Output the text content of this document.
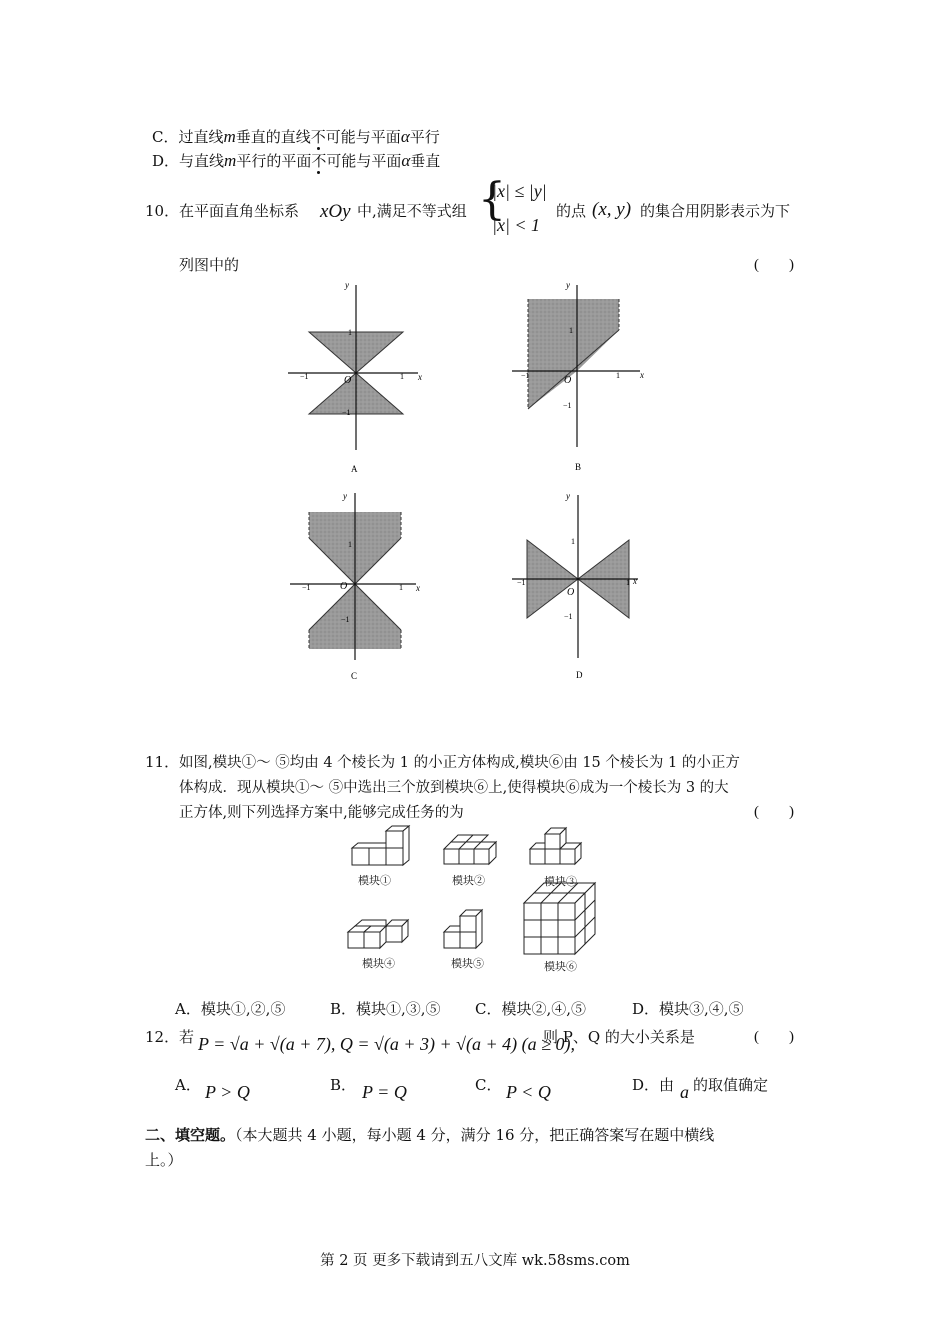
C．过直线m垂直的直线不可能与平面α平行
D．与直线m平行的平面不可能与平面α垂直
10． 在平面直角坐标系 xOy 中,满足不等式组 {
|x| ≤ |y|
|x| < 1
的点 (x, y) 的集合用阴影表示为下
列图中的	(　　)
x
y
O
1
−1
−1	1
A
x
y
O
1
−1
−1	1
B
x
y
O
1
−1
−1	1
C
x
y
O
1
−1
−1	1
D
11． 如图,模块①～ ⑤均由 4 个棱长为 1 的小正方体构成,模块⑥由 15 个棱长为 1 的小正方
体构成．现从模块①～ ⑤中选出三个放到模块⑥上,使得模块⑥成为一个棱长为 3 的大
正方体,则下列选择方案中,能够完成任务的为	(　　)
模块①	模块②	模块③
模块④	模块⑤	模块⑥
A．模块①,②,⑤	B．模块①,③,⑤ C．模块②,④,⑤	D．模块③,④,⑤
12． 若 P = √a + √(a + 7), Q = √(a + 3) + √(a + 4) (a ≥ 0),
则 P、Q 的大小关系是	(　　)
A． P > Q	B． P = Q	C． P < Q	D．由 a 的取值确定
二、填空题。（本大题共 4 小题，每小题 4 分，满分 16 分，把正确答案写在题中横线
上。）
第 2 页 更多下载请到五八文库 wk.58sms.com
